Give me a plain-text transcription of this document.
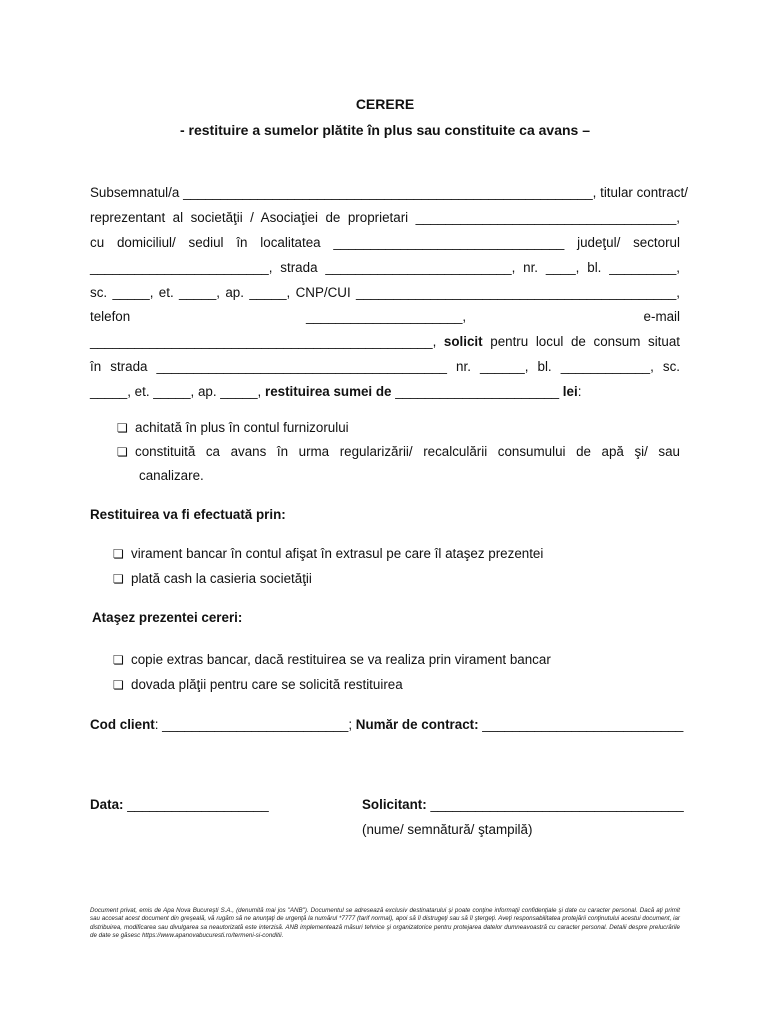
CERERE
- restituire a sumelor plătite în plus sau constituite ca avans –
Subsemnatul/a _______________________________________________________, titular contract/
reprezentant al societăţii / Asociaţiei de proprietari ___________________________________,
cu domiciliul/ sediul în localitatea _______________________________ judeţul/ sectorul
________________________, strada _________________________, nr. ____, bl. _________,
sc. _____, et. _____, ap. _____, CNP/CUI ___________________________________________,
telefon	_____________________,	e-mail
______________________________________________, solicit pentru locul de consum situat
în strada _______________________________________ nr. ______, bl. ____________, sc.
_____, et. _____, ap. _____, restituirea sumei de ______________________ lei:
❏ achitată în plus în contul furnizorului
❏ constituită ca avans în urma regularizării/ recalculării consumului de apă şi/ sau
canalizare.
Restituirea va fi efectuată prin:
❏ virament bancar în contul afişat în extrasul pe care îl ataşez prezentei
❏ plată cash la casieria societăţii
Ataşez prezentei cereri:
❏ copie extras bancar, dacă restituirea se va realiza prin virament bancar
❏ dovada plăţii pentru care se solicită restituirea
Cod client: _________________________; Număr de contract: ___________________________
Data: ___________________	Solicitant: __________________________________
(nume/ semnătură/ ştampilă)
Document privat, emis de Apa Nova Bucureşti S.A., (denumită mai jos "ANB"). Documentul se adresează exclusiv destinatarului şi poate conţine informaţii confidenţiale şi date cu caracter personal. Dacă aţi primit sau accesat acest document din greşeală, vă rugăm să ne anunţaţi de urgenţă la numărul *7777 (tarif normal), apoi să îl distrugeţi sau să îl ştergeţi. Aveţi responsabilitatea protejării conţinutului acestui document, iar distribuirea, modificarea sau divulgarea sa neautorizată este interzisă. ANB implementează măsuri tehnice şi organizatorice pentru protejarea datelor dumneavoastră cu caracter personal. Detalii despre prelucrările de date se găsesc https://www.apanovabucuresti.ro/termeni-si-conditii.
